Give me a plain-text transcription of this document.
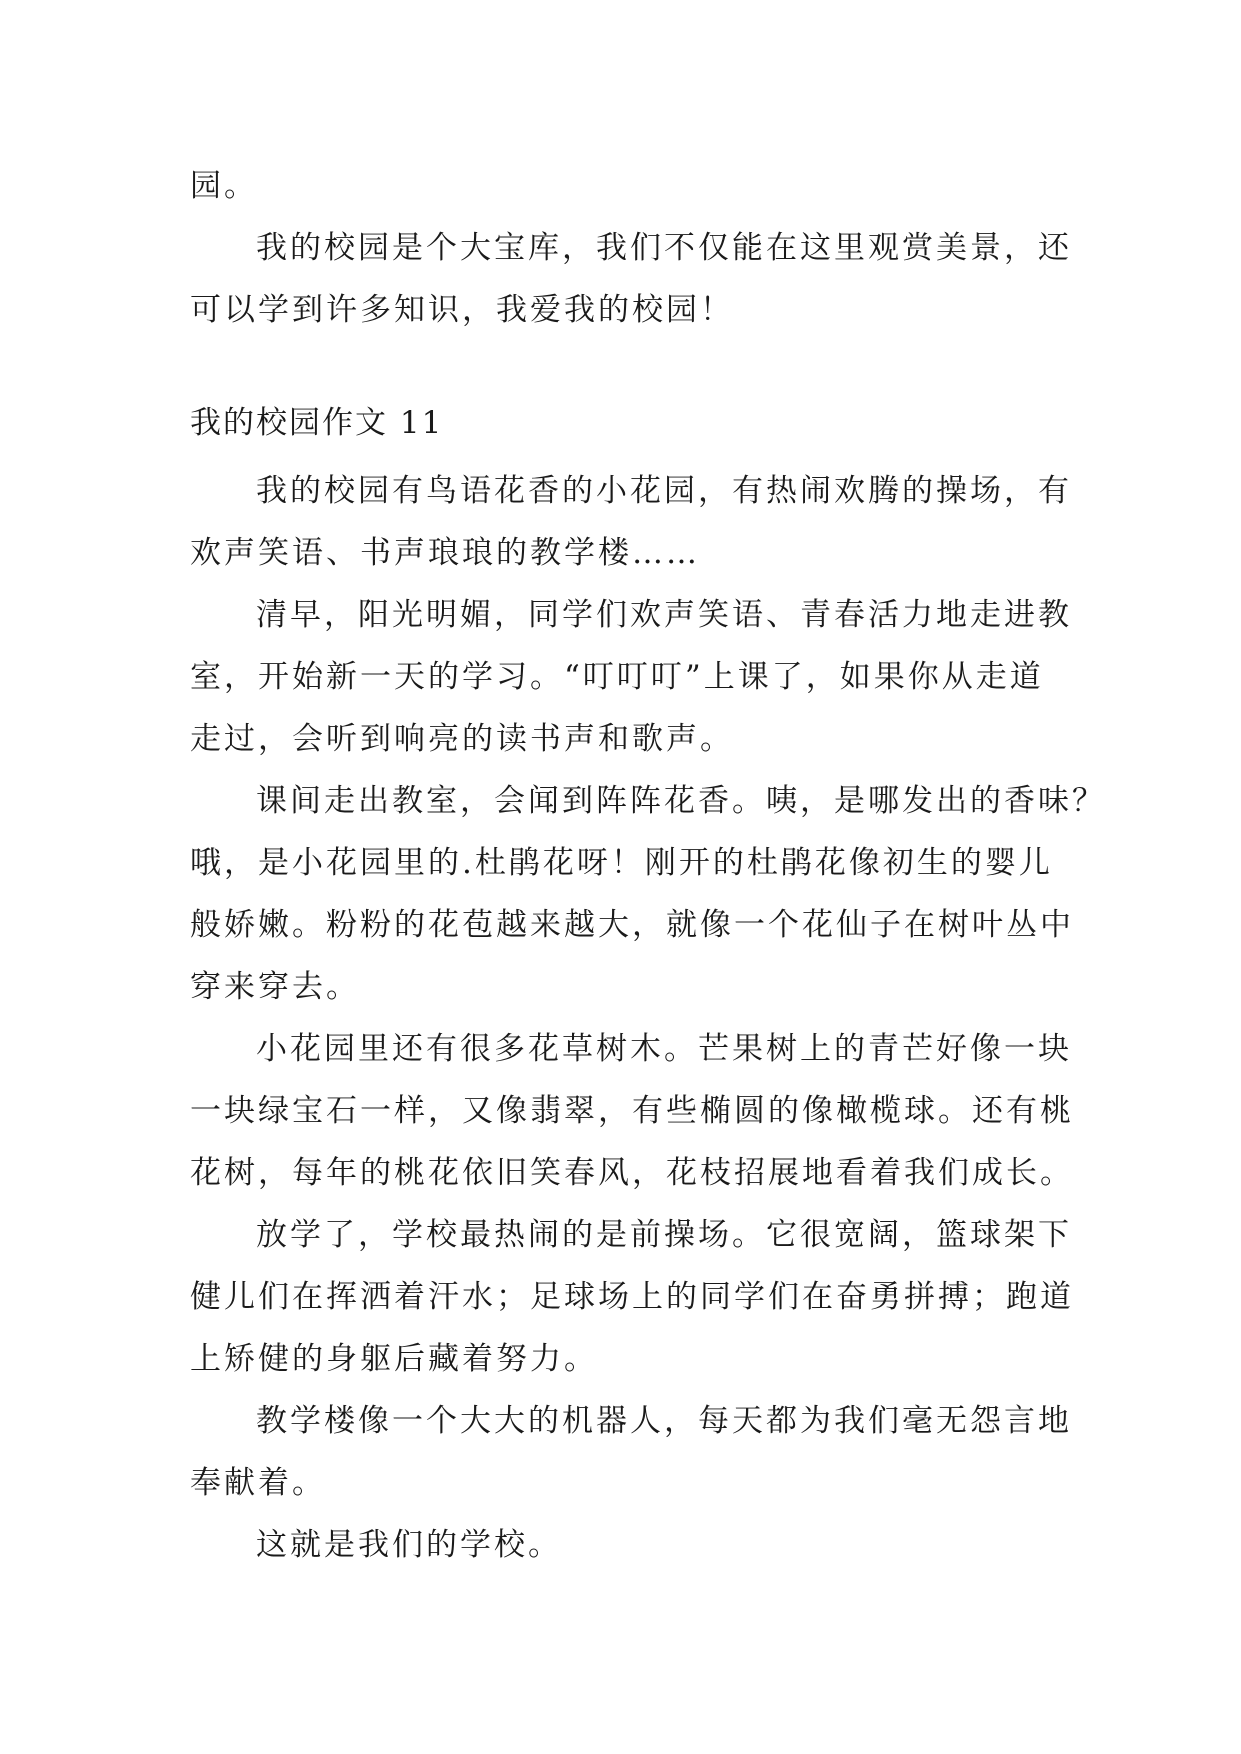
园。
我的校园是个大宝库，我们不仅能在这里观赏美景，还
可以学到许多知识，我爱我的校园！
我的校园作文 11
我的校园有鸟语花香的小花园，有热闹欢腾的操场，有
欢声笑语、书声琅琅的教学楼……
清早，阳光明媚，同学们欢声笑语、青春活力地走进教
室，开始新一天的学习。“叮叮叮”上课了，如果你从走道
走过，会听到响亮的读书声和歌声。
课间走出教室，会闻到阵阵花香。咦，是哪发出的香味？
哦，是小花园里的.杜鹃花呀！刚开的杜鹃花像初生的婴儿
般娇嫩。粉粉的花苞越来越大，就像一个花仙子在树叶丛中
穿来穿去。
小花园里还有很多花草树木。芒果树上的青芒好像一块
一块绿宝石一样，又像翡翠，有些椭圆的像橄榄球。还有桃
花树，每年的桃花依旧笑春风，花枝招展地看着我们成长。
放学了，学校最热闹的是前操场。它很宽阔，篮球架下
健儿们在挥洒着汗水；足球场上的同学们在奋勇拼搏；跑道
上矫健的身躯后藏着努力。
教学楼像一个大大的机器人，每天都为我们毫无怨言地
奉献着。
这就是我们的学校。
